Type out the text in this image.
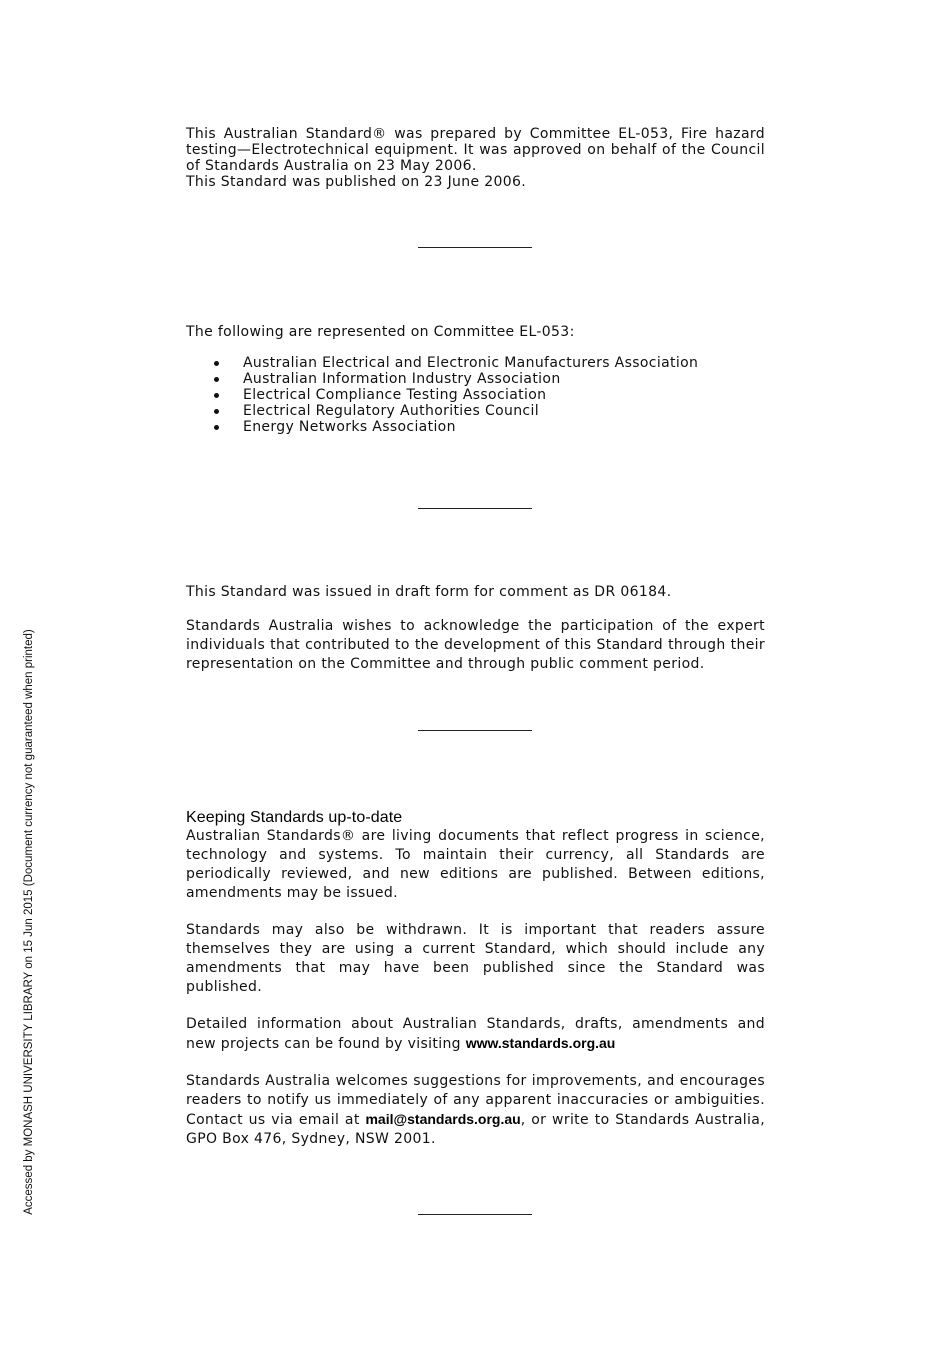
Accessed by MONASH UNIVERSITY LIBRARY on 15 Jun 2015 (Document currency not guaranteed when printed)

This Australian Standard® was prepared by Committee EL-053, Fire hazard

testing—Electrotechnical equipment. It was approved on behalf of the Council

of Standards Australia on 23 May 2006.

This Standard was published on 23 June 2006.

The following are represented on Committee EL-053:

Australian Electrical and Electronic Manufacturers Association
Australian Information Industry Association
Electrical Compliance Testing Association
Electrical Regulatory Authorities Council
Energy Networks Association

This Standard was issued in draft form for comment as DR 06184.

Standards Australia wishes to acknowledge the participation of the expert individuals that contributed to the development of this Standard through their representation on the Committee and through public comment period.

Keeping Standards up-to-date

Australian Standards® are living documents that reflect progress in science, technology and systems. To maintain their currency, all Standards are periodically reviewed, and new editions are published. Between editions, amendments may be issued.

Standards may also be withdrawn. It is important that readers assure themselves they are using a current Standard, which should include any amendments that may have been published since the Standard was published.

Detailed information about Australian Standards, drafts, amendments and new projects can be found by visiting www.standards.org.au

Standards Australia welcomes suggestions for improvements, and encourages readers to notify us immediately of any apparent inaccuracies or ambiguities. Contact us via email at mail@standards.org.au, or write to Standards Australia, GPO Box 476, Sydney, NSW 2001.
